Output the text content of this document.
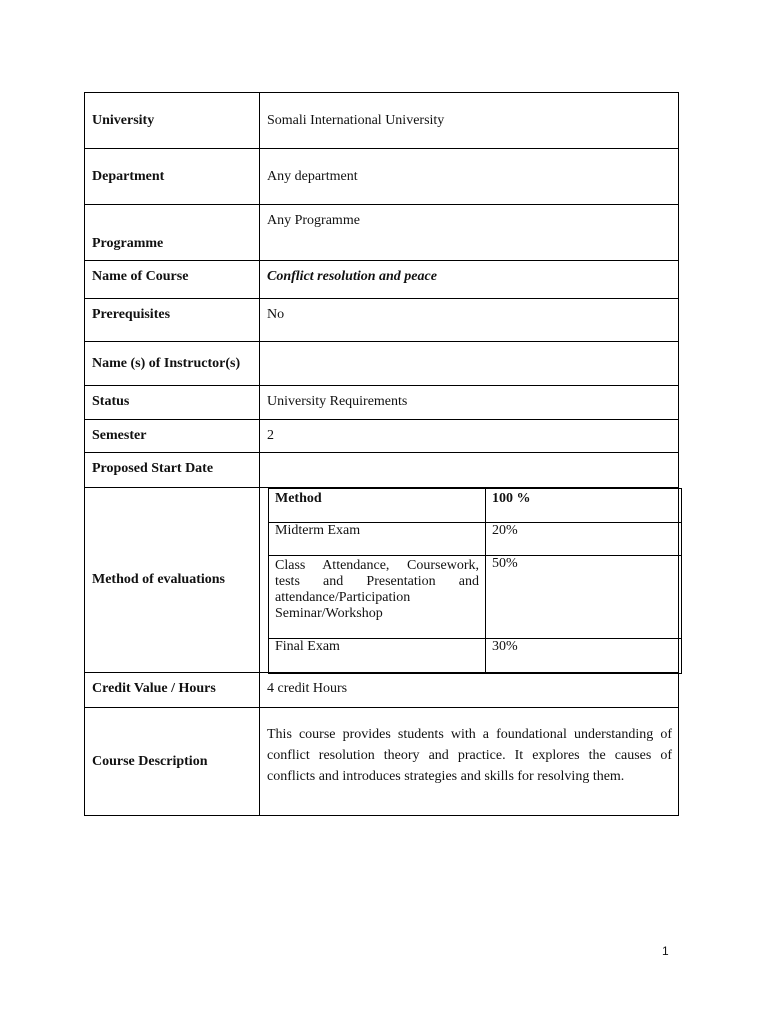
University	Somali International University
Department	Any department
Programme	Any Programme
Name of Course	Conflict resolution and peace
Prerequisites	No
Name (s) of Instructor(s)	
Status	University Requirements
Semester	2
Proposed Start Date	
Method of evaluations	
Method	100 %
Midterm Exam	20%
Class Attendance, Coursework, tests and Presentation and attendance/Participation Seminar/Workshop	50%
Final Exam	30%

Credit Value / Hours	4 credit Hours
Course Description	This course provides students with a foundational understanding of conflict resolution theory and practice. It explores the causes of conflicts and introduces strategies and skills for resolving them.
1
